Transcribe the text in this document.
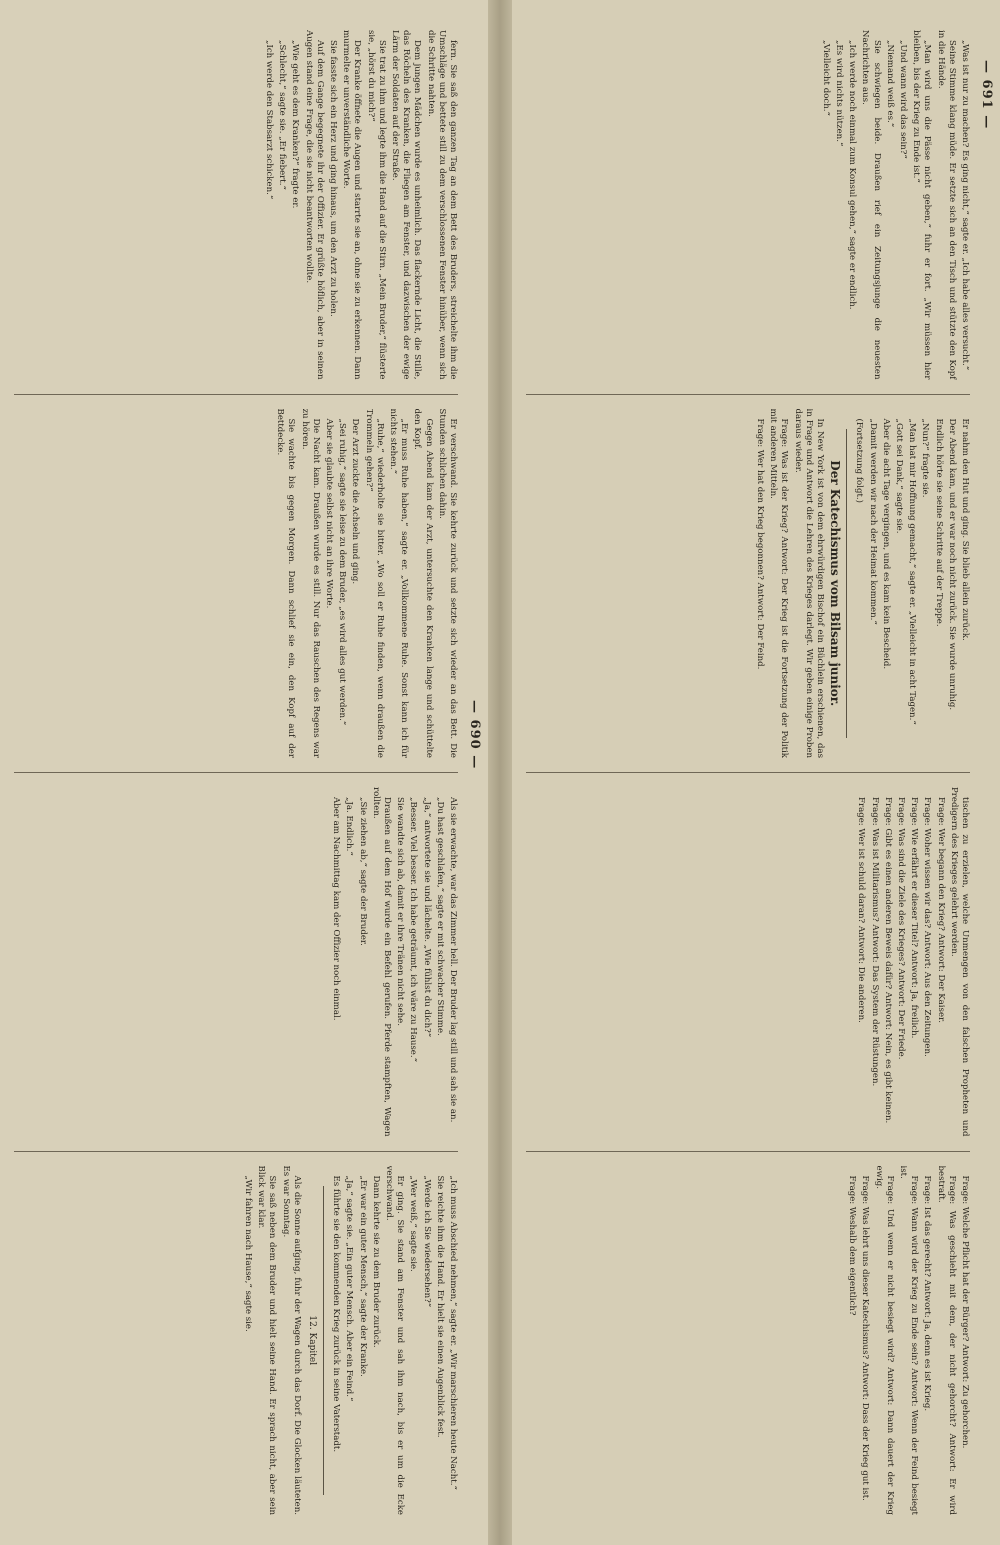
— 690 —

fern. Sie saß den ganzen Tag an dem Bett des Bruders, streichelte ihm die Umschläge und bettete still zu dem verschlossenen Fenster hinüber, wenn sich die Schritte nahten.

Dem jungen Mädchen wurde es unheimlich. Das flackernde Licht, die Stille, das Röcheln des Kranken, die Fliegen am Fenster, und dazwischen der ewige Lärm der Soldaten auf der Straße.

Sie trat zu ihm und legte ihm die Hand auf die Stirn. „Mein Bruder,“ flüsterte sie, „hörst du mich?“

Der Kranke öffnete die Augen und starrte sie an, ohne sie zu erkennen. Dann murmelte er unverständliche Worte.

Sie fasste sich ein Herz und ging hinaus, um den Arzt zu holen.

Auf dem Gange begegnete ihr der Offizier. Er grüßte höflich, aber in seinen Augen stand eine Frage, die sie nicht beantworten wollte.

„Wie geht es dem Kranken?“ fragte er.

„Schlecht,“ sagte sie. „Er fiebert.“

„Ich werde den Stabsarzt schicken.“

Er verschwand. Sie kehrte zurück und setzte sich wieder an das Bett. Die Stunden schlichen dahin.

Gegen Abend kam der Arzt, untersuchte den Kranken lange und schüttelte den Kopf.

„Er muss Ruhe haben,“ sagte er. „Vollkommene Ruhe. Sonst kann ich für nichts stehen.“

„Ruhe,“ wiederholte sie bitter. „Wo soll er Ruhe finden, wenn draußen die Trommeln gehen?“

Der Arzt zuckte die Achseln und ging.

„Sei ruhig,“ sagte sie leise zu dem Bruder, „es wird alles gut werden.“

Aber sie glaubte selbst nicht an ihre Worte.

Die Nacht kam. Draußen wurde es still. Nur das Rauschen des Regens war zu hören.

Sie wachte bis gegen Morgen. Dann schlief sie ein, den Kopf auf der Bettdecke.

Als sie erwachte, war das Zimmer hell. Der Bruder lag still und sah sie an.

„Du hast geschlafen,“ sagte er mit schwacher Stimme.

„Ja,“ antwortete sie und lächelte. „Wie fühlst du dich?“

„Besser. Viel besser. Ich habe geträumt, ich wäre zu Hause.“

Sie wandte sich ab, damit er ihre Tränen nicht sehe.

Draußen auf dem Hof wurde ein Befehl gerufen. Pferde stampften, Wagen rollten.

„Sie ziehen ab,“ sagte der Bruder.

„Ja. Endlich.“

Aber am Nachmittag kam der Offizier noch einmal.

„Ich muss Abschied nehmen,“ sagte er. „Wir marschieren heute Nacht.“

Sie reichte ihm die Hand. Er hielt sie einen Augenblick fest.

„Werde ich Sie wiedersehen?“

„Wer weiß,“ sagte sie.

Er ging. Sie stand am Fenster und sah ihm nach, bis er um die Ecke verschwand.

Dann kehrte sie zu dem Bruder zurück.

„Er war ein guter Mensch,“ sagte der Kranke.

„Ja,“ sagte sie. „Ein guter Mensch. Aber ein Feind.“

Es führte sie den kommenden Krieg zurück in seine Vaterstadt.

12. Kapitel

Als die Sonne aufging, fuhr der Wagen durch das Dorf. Die Glocken läuteten. Es war Sonntag.

Sie saß neben dem Bruder und hielt seine Hand. Er sprach nicht, aber sein Blick war klar.

„Wir fahren nach Hause,“ sagte sie.

— 691 —

„Was ist nur zu machen? Es ging nicht,“ sagte er. „Ich habe alles versucht.“

Seine Stimme klang müde. Er setzte sich an den Tisch und stützte den Kopf in die Hände.

„Man wird uns die Pässe nicht geben,“ fuhr er fort. „Wir müssen hier bleiben, bis der Krieg zu Ende ist.“

„Und wann wird das sein?“

„Niemand weiß es.“

Sie schwiegen beide. Draußen rief ein Zeitungsjunge die neuesten Nachrichten aus.

„Ich werde noch einmal zum Konsul gehen,“ sagte er endlich.

„Es wird nichts nützen.“

„Vielleicht doch.“

Er nahm den Hut und ging. Sie blieb allein zurück.

Der Abend kam, und er war noch nicht zurück. Sie wurde unruhig.

Endlich hörte sie seine Schritte auf der Treppe.

„Nun?“ fragte sie.

„Man hat mir Hoffnung gemacht,“ sagte er. „Vielleicht in acht Tagen.“

„Gott sei Dank,“ sagte sie.

Aber die acht Tage vergingen, und es kam kein Bescheid.

„Damit werden wir nach der Heimat kommen.“

(Fortsetzung folgt.)

Der Katechismus vom Bilsam junior.

In New York ist von dem ehrwürdigen Bischof ein Büchlein erschienen, das in Frage und Antwort die Lehren des Krieges darlegt. Wir geben einige Proben daraus wieder.

Frage: Was ist der Krieg? Antwort: Der Krieg ist die Fortsetzung der Politik mit anderen Mitteln.

Frage: Wer hat den Krieg begonnen? Antwort: Der Feind.

tischen zu erzielen, welche Unmengen von den falschen Propheten und Predigern des Krieges gelehrt werden.

Frage: Wer begann den Krieg? Antwort: Der Kaiser.

Frage: Woher wissen wir das? Antwort: Aus den Zeitungen.

Frage: Wie erfährt er dieser Titel? Antwort: Ja, freilich.

Frage: Was sind die Ziele des Krieges? Antwort: Der Friede.

Frage: Gibt es einen anderen Beweis dafür? Antwort: Nein, es gibt keinen.

Frage: Was ist Militarismus? Antwort: Das System der Rüstungen.

Frage: Wer ist schuld daran? Antwort: Die anderen.

Frage: Welche Pflicht hat der Bürger? Antwort: Zu gehorchen.

Frage: Was geschieht mit dem, der nicht gehorcht? Antwort: Er wird bestraft.

Frage: Ist das gerecht? Antwort: Ja, denn es ist Krieg.

Frage: Wann wird der Krieg zu Ende sein? Antwort: Wenn der Feind besiegt ist.

Frage: Und wenn er nicht besiegt wird? Antwort: Dann dauert der Krieg ewig.

Frage: Was lehrt uns dieser Katechismus? Antwort: Dass der Krieg gut ist.

Frage: Weshalb dem eigentlich?
